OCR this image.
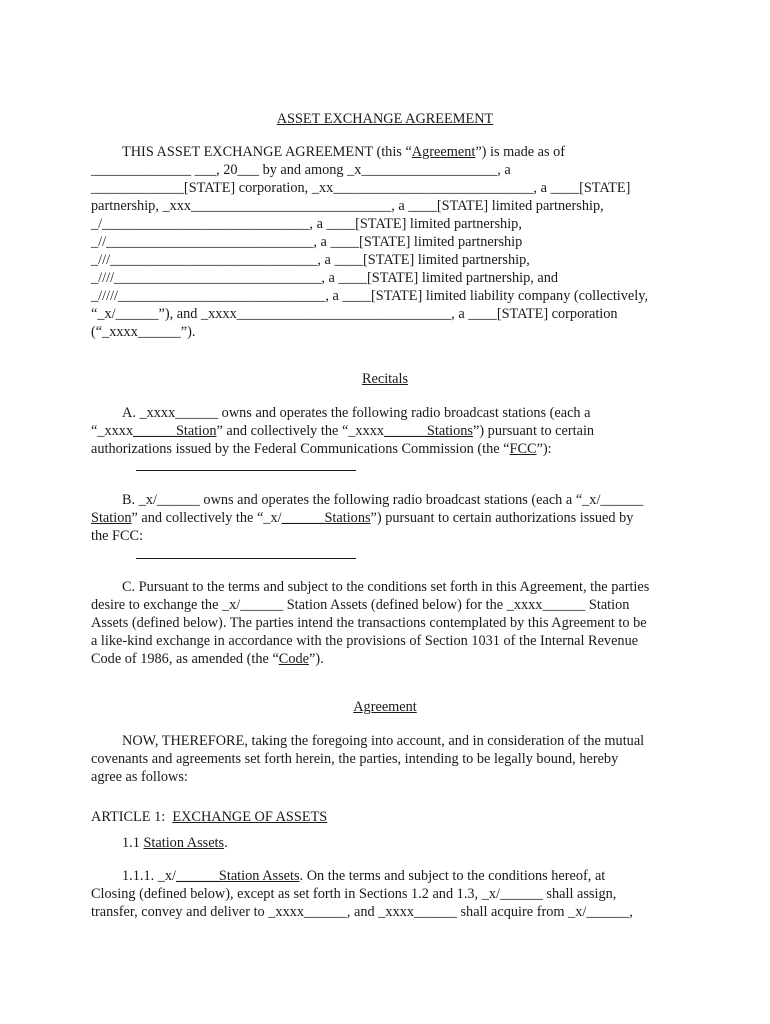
ASSET EXCHANGE AGREEMENT

THIS ASSET EXCHANGE AGREEMENT (this “Agreement”) is made as of
______________ ___, 20___ by and among _x___________________, a
_____________[STATE] corporation, _xx____________________________, a ____[STATE]
partnership, _xxx____________________________, a ____[STATE] limited partnership,
_/_____________________________, a ____[STATE] limited partnership,
_//_____________________________, a ____[STATE] limited partnership
_///_____________________________, a ____[STATE] limited partnership,
_////_____________________________, a ____[STATE] limited partnership, and
_/////_____________________________, a ____[STATE] limited liability company (collectively,
“_x/______”), and _xxxx______________________________, a ____[STATE] corporation
(“_xxxx______”).

Recitals

A. _xxxx______ owns and operates the following radio broadcast stations (each a
“_xxxx______Station” and collectively the “_xxxx______Stations”) pursuant to certain
authorizations issued by the Federal Communications Commission (the “FCC”):
B. _x/______ owns and operates the following radio broadcast stations (each a “_x/______
Station” and collectively the “_x/______Stations”) pursuant to certain authorizations issued by
the FCC:
C. Pursuant to the terms and subject to the conditions set forth in this Agreement, the parties
desire to exchange the _x/______ Station Assets (defined below) for the _xxxx______ Station
Assets (defined below). The parties intend the transactions contemplated by this Agreement to be
a like-kind exchange in accordance with the provisions of Section 1031 of the Internal Revenue
Code of 1986, as amended (the “Code”).

Agreement

NOW, THEREFORE, taking the foregoing into account, and in consideration of the mutual
covenants and agreements set forth herein, the parties, intending to be legally bound, hereby
agree as follows:
ARTICLE 1:  EXCHANGE OF ASSETS
1.1 Station Assets.
1.1.1. _x/______Station Assets. On the terms and subject to the conditions hereof, at
Closing (defined below), except as set forth in Sections 1.2 and 1.3, _x/______ shall assign,
transfer, convey and deliver to _xxxx______, and _xxxx______ shall acquire from _x/______,
